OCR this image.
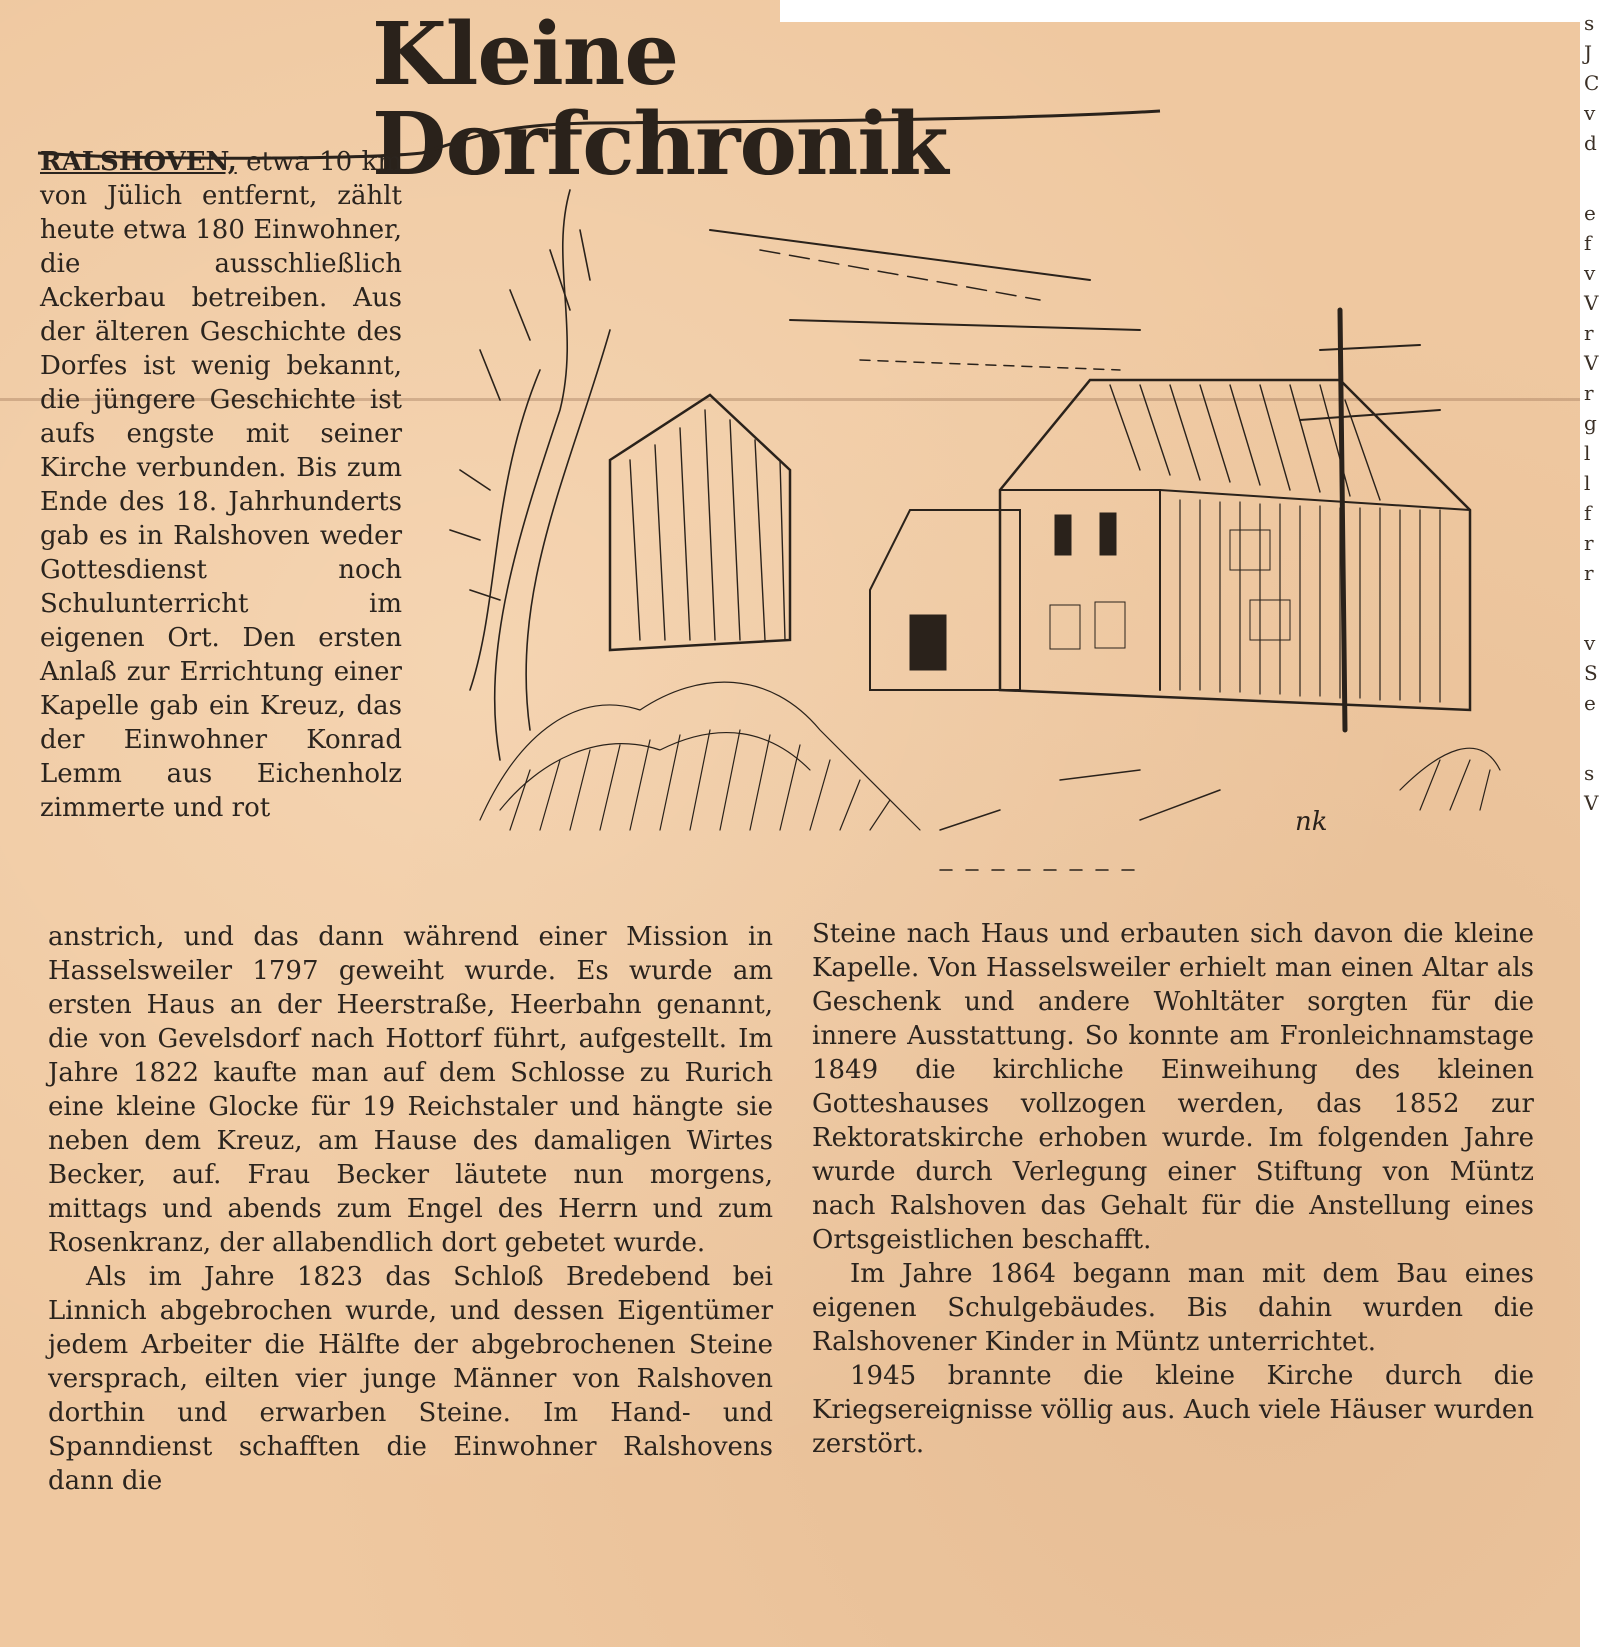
Kleine Dorfchronik
nk

RALSHOVEN, etwa 10 km von Jülich entfernt, zählt heute etwa 180 Einwohner, die ausschließlich Ackerbau betreiben. Aus der älteren Geschichte des Dorfes ist wenig bekannt, die jüngere Geschichte ist aufs engste mit seiner Kirche verbunden. Bis zum Ende des 18. Jahrhunderts gab es in Ralshoven weder Gottesdienst noch Schulunterricht im eigenen Ort. Den ersten Anlaß zur Errichtung einer Kapelle gab ein Kreuz, das der Einwohner Konrad Lemm aus Eichenholz zimmerte und rot

anstrich, und das dann während einer Mission in Hasselsweiler 1797 geweiht wurde. Es wurde am ersten Haus an der Heerstraße, Heerbahn genannt, die von Gevelsdorf nach Hottorf führt, aufgestellt. Im Jahre 1822 kaufte man auf dem Schlosse zu Rurich eine kleine Glocke für 19 Reichstaler und hängte sie neben dem Kreuz, am Hause des damaligen Wirtes Becker, auf. Frau Becker läutete nun morgens, mittags und abends zum Engel des Herrn und zum Rosenkranz, der allabendlich dort gebetet wurde.

Als im Jahre 1823 das Schloß Bredebend bei Linnich abgebrochen wurde, und dessen Eigentümer jedem Arbeiter die Hälfte der abgebrochenen Steine versprach, eilten vier junge Männer von Ralshoven dorthin und erwarben Steine. Im Hand- und Spanndienst schafften die Einwohner Ralshovens dann die

Steine nach Haus und erbauten sich davon die kleine Kapelle. Von Hasselsweiler erhielt man einen Altar als Geschenk und andere Wohltäter sorgten für die innere Ausstattung. So konnte am Fronleichnamstage 1849 die kirchliche Einweihung des kleinen Gotteshauses vollzogen werden, das 1852 zur Rektoratskirche erhoben wurde. Im folgenden Jahre wurde durch Verlegung einer Stiftung von Müntz nach Ralshoven das Gehalt für die Anstellung eines Ortsgeistlichen beschafft.

Im Jahre 1864 begann man mit dem Bau eines eigenen Schulgebäudes. Bis dahin wurden die Ralshovener Kinder in Müntz unterrichtet.

1945 brannte die kleine Kirche durch die Kriegsereignisse völlig aus. Auch viele Häuser wurden zerstört.

s
J
C
v
d
e
f
v
V
r
V
r
g
l
l
f
r
r
v
S
e
s
V
